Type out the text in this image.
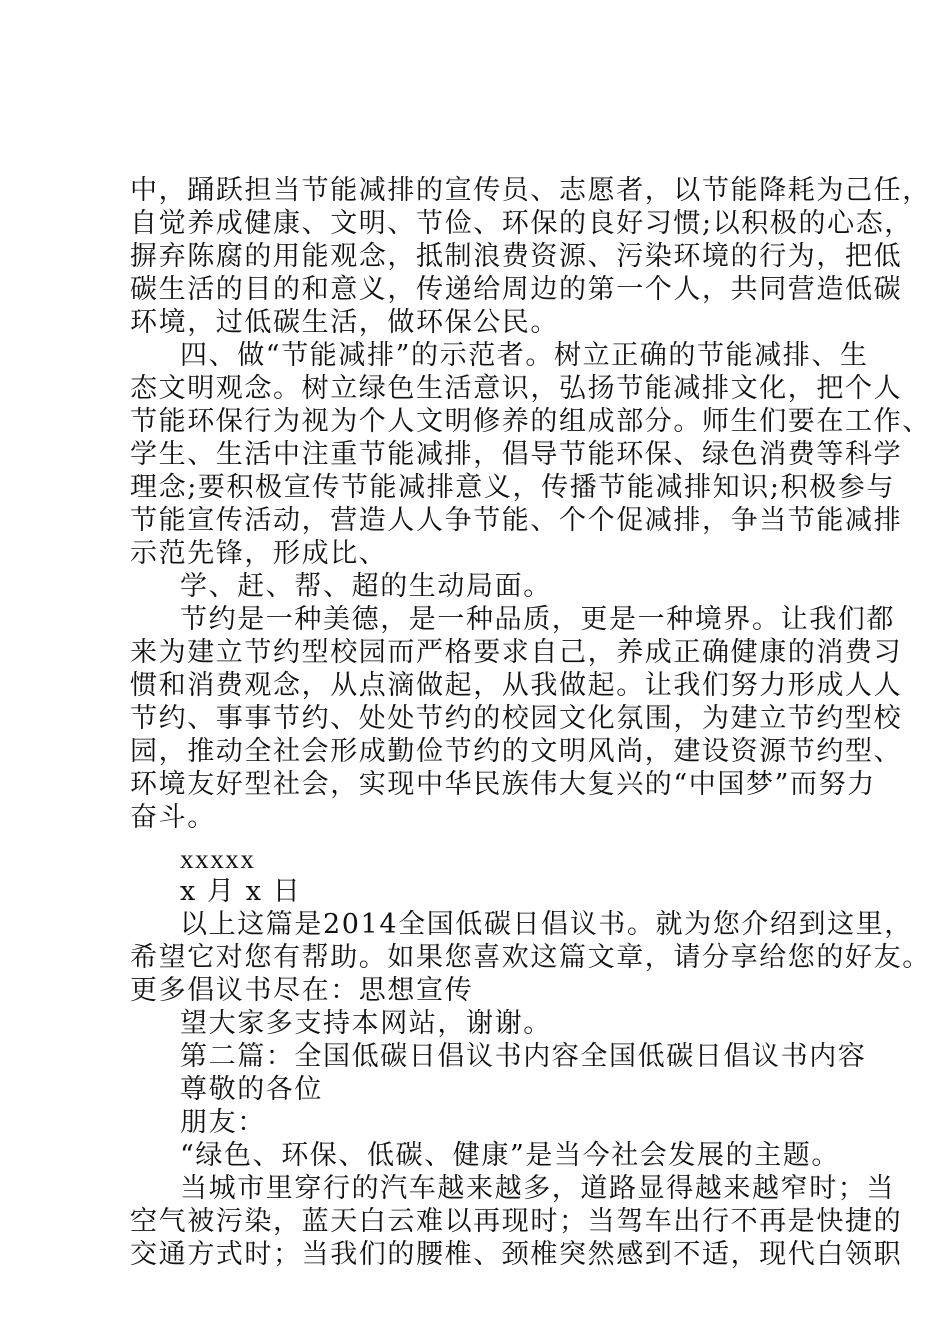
中，踊跃担当节能减排的宣传员、志愿者，以节能降耗为己任，
自觉养成健康、文明、节俭、环保的良好习惯;以积极的心态，
摒弃陈腐的用能观念，抵制浪费资源、污染环境的行为，把低
碳生活的目的和意义，传递给周边的第一个人，共同营造低碳
环境，过低碳生活，做环保公民。
四、做“节能减排”的示范者。树立正确的节能减排、生
态文明观念。树立绿色生活意识，弘扬节能减排文化，把个人
节能环保行为视为个人文明修养的组成部分。师生们要在工作、
学生、生活中注重节能减排，倡导节能环保、绿色消费等科学
理念;要积极宣传节能减排意义，传播节能减排知识;积极参与
节能宣传活动，营造人人争节能、个个促减排，争当节能减排
示范先锋，形成比、
学、赶、帮、超的生动局面。
节约是一种美德，是一种品质，更是一种境界。让我们都
来为建立节约型校园而严格要求自己，养成正确健康的消费习
惯和消费观念，从点滴做起，从我做起。让我们努力形成人人
节约、事事节约、处处节约的校园文化氛围，为建立节约型校
园，推动全社会形成勤俭节约的文明风尚，建设资源节约型、
环境友好型社会，实现中华民族伟大复兴的“中国梦”而努力
奋斗。
xxxxx
x 月 x 日
以上这篇是2014全国低碳日倡议书。就为您介绍到这里，
希望它对您有帮助。如果您喜欢这篇文章，请分享给您的好友。
更多倡议书尽在：思想宣传
望大家多支持本网站，谢谢。
第二篇：全国低碳日倡议书内容全国低碳日倡议书内容
尊敬的各位
朋友：
“绿色、环保、低碳、健康”是当今社会发展的主题。
当城市里穿行的汽车越来越多，道路显得越来越窄时；当
空气被污染，蓝天白云难以再现时；当驾车出行不再是快捷的
交通方式时；当我们的腰椎、颈椎突然感到不适，现代白领职
